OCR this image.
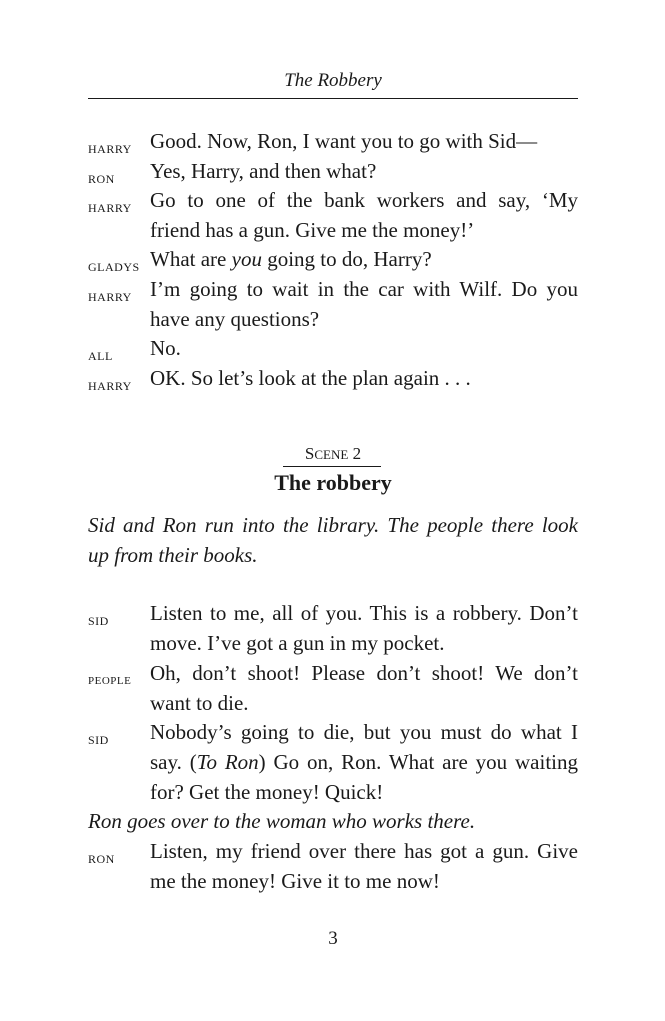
The Robbery
HARRY Good. Now, Ron, I want you to go with Sid—
RON Yes, Harry, and then what?
HARRY Go to one of the bank workers and say, ‘My
friend has a gun. Give me the money!’
GLADYS What are you going to do, Harry?
HARRY I’m going to wait in the car with Wilf. Do you
have any questions?
ALL No.
HARRY OK. So let’s look at the plan again . . .
SCENE 2
The robbery
Sid and Ron run into the library. The people there look
up from their books.
SID Listen to me, all of you. This is a robbery. Don’t
move. I’ve got a gun in my pocket.
PEOPLE Oh, don’t shoot! Please don’t shoot! We don’t
want to die.
SID Nobody’s going to die, but you must do what I
say. (To Ron) Go on, Ron. What are you waiting
for? Get the money! Quick!
Ron goes over to the woman who works there.
RON Listen, my friend over there has got a gun. Give
me the money! Give it to me now!
3
